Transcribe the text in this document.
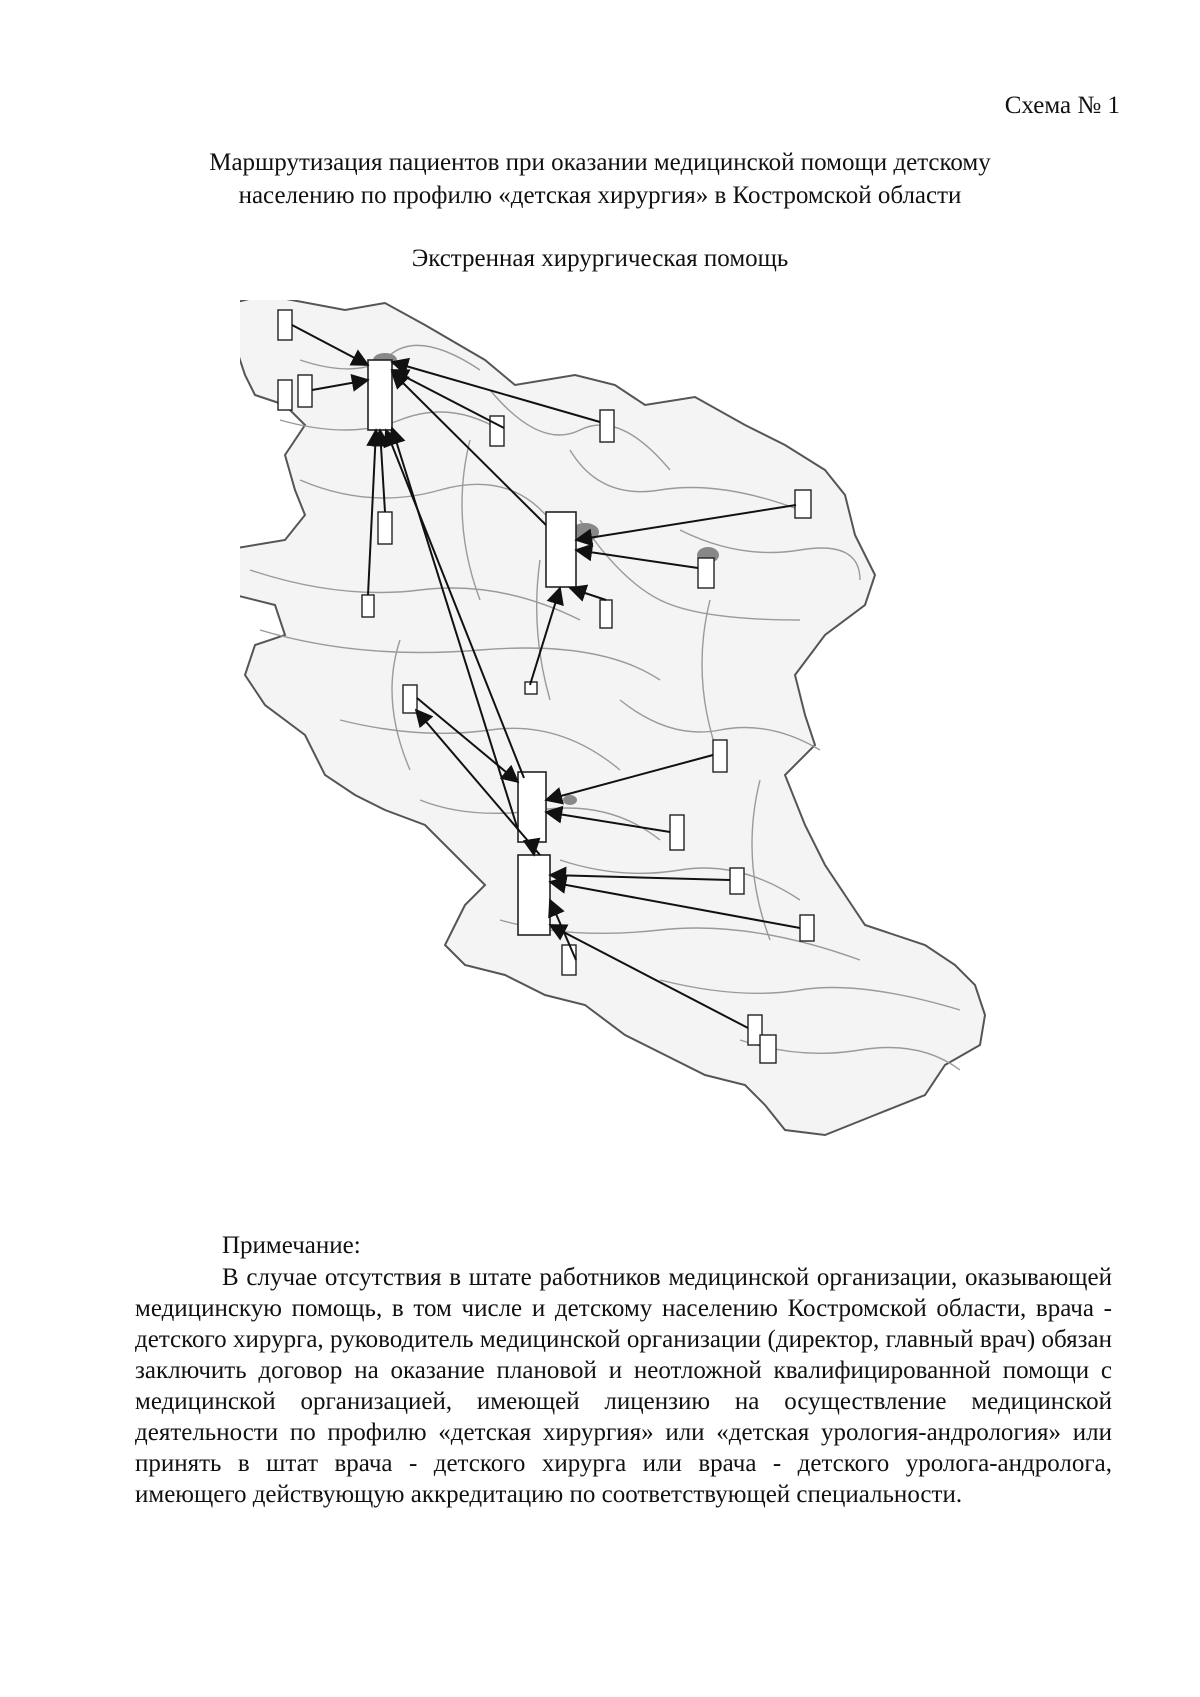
Схема № 1
Маршрутизация пациентов при оказании медицинской помощи детскому
населению по профилю «детская хирургия» в Костромской области
Экстренная хирургическая помощь
Примечание:
В случае отсутствия в штате работников медицинской организации, оказывающей медицинскую помощь, в том числе и детскому населению Костромской области, врача - детского хирурга, руководитель медицинской организации (директор, главный врач) обязан заключить договор на оказание плановой и неотложной квалифицированной помощи с медицинской организацией, имеющей лицензию на осуществление медицинской деятельности по профилю «детская хирургия» или «детская урология-андрология» или принять в штат врача - детского хирурга или врача - детского уролога-андролога, имеющего действующую аккредитацию по соответствующей специальности.
